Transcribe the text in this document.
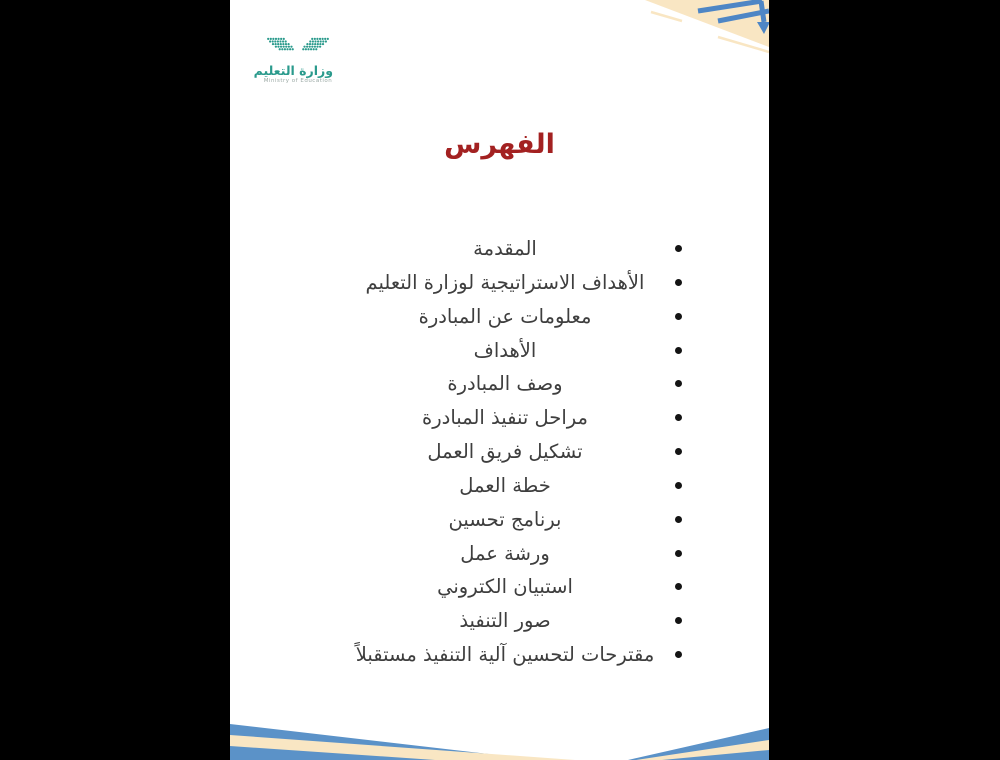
وزارة التعليم
Ministry of Education
الفهرس
المقدمة
الأهداف الاستراتيجية لوزارة التعليم
معلومات عن المبادرة
الأهداف
وصف المبادرة
مراحل تنفيذ المبادرة
تشكيل فريق العمل
خطة العمل
برنامج تحسين
ورشة عمل
استبيان الكتروني
صور التنفيذ
مقترحات لتحسين آلية التنفيذ مستقبلاً
